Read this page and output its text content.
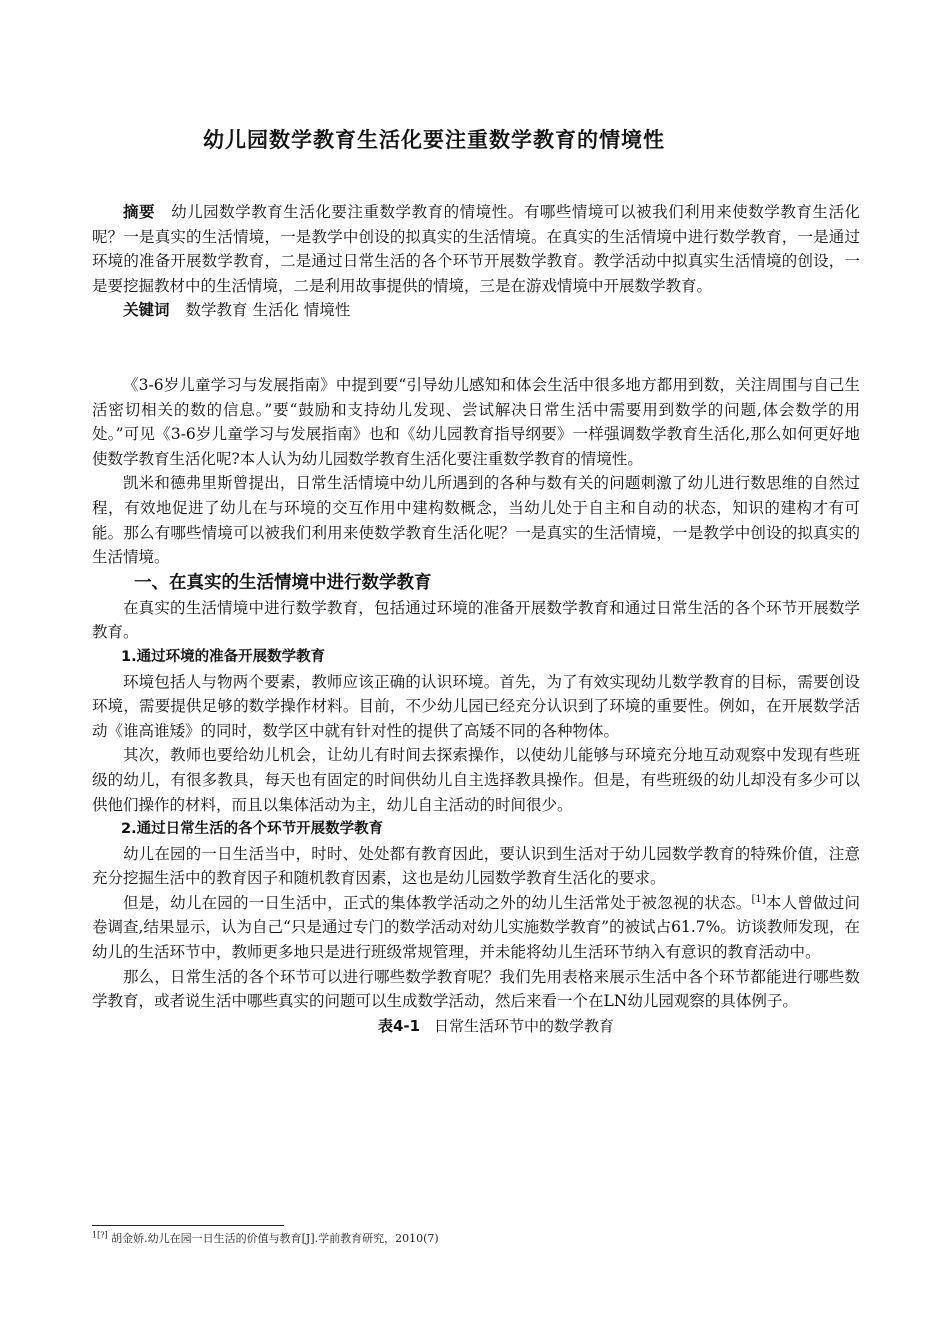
幼儿园数学教育生活化要注重数学教育的情境性

摘要 幼儿园数学教育生活化要注重数学教育的情境性。有哪些情境可以被我们利用来使数学教育生活化呢？一是真实的生活情境，一是教学中创设的拟真实的生活情境。在真实的生活情境中进行数学教育，一是通过环境的准备开展数学教育，二是通过日常生活的各个环节开展数学教育。教学活动中拟真实生活情境的创设，一是要挖掘教材中的生活情境，二是利用故事提供的情境，三是在游戏情境中开展数学教育。

关键词 数学教育 生活化 情境性

《3-6岁儿童学习与发展指南》中提到要“引导幼儿感知和体会生活中很多地方都用到数，关注周围与自己生活密切相关的数的信息。”要“鼓励和支持幼儿发现、尝试解决日常生活中需要用到数学的问题,体会数学的用处。”可见《3-6岁儿童学习与发展指南》也和《幼儿园教育指导纲要》一样强调数学教育生活化,那么如何更好地使数学教育生活化呢?本人认为幼儿园数学教育生活化要注重数学教育的情境性。

凯米和德弗里斯曾提出，日常生活情境中幼儿所遇到的各种与数有关的问题刺激了幼儿进行数思维的自然过程，有效地促进了幼儿在与环境的交互作用中建构数概念，当幼儿处于自主和自动的状态，知识的建构才有可能。那么有哪些情境可以被我们利用来使数学教育生活化呢？一是真实的生活情境，一是教学中创设的拟真实的生活情境。

一、在真实的生活情境中进行数学教育

在真实的生活情境中进行数学教育，包括通过环境的准备开展数学教育和通过日常生活的各个环节开展数学教育。

1.通过环境的准备开展数学教育

环境包括人与物两个要素，教师应该正确的认识环境。首先，为了有效实现幼儿数学教育的目标，需要创设环境，需要提供足够的数学操作材料。目前，不少幼儿园已经充分认识到了环境的重要性。例如，在开展数学活动《谁高谁矮》的同时，数学区中就有针对性的提供了高矮不同的各种物体。

其次，教师也要给幼儿机会，让幼儿有时间去探索操作，以使幼儿能够与环境充分地互动观察中发现有些班级的幼儿，有很多教具，每天也有固定的时间供幼儿自主选择教具操作。但是，有些班级的幼儿却没有多少可以供他们操作的材料，而且以集体活动为主，幼儿自主活动的时间很少。

2.通过日常生活的各个环节开展数学教育

幼儿在园的一日生活当中，时时、处处都有教育因此，要认识到生活对于幼儿园数学教育的特殊价值，注意充分挖掘生活中的教育因子和随机教育因素，这也是幼儿园数学教育生活化的要求。

但是，幼儿在园的一日生活中，正式的集体教学活动之外的幼儿生活常处于被忽视的状态。[1]本人曾做过问卷调查,结果显示，认为自己“只是通过专门的数学活动对幼儿实施数学教育”的被试占61.7%。访谈教师发现，在幼儿的生活环节中，教师更多地只是进行班级常规管理，并未能将幼儿生活环节纳入有意识的教育活动中。

那么，日常生活的各个环节可以进行哪些数学教育呢？我们先用表格来展示生活中各个环节都能进行哪些数学教育，或者说生活中哪些真实的问题可以生成数学活动，然后来看一个在LN幼儿园观察的具体例子。

表4-1 日常生活环节中的数学教育
$^{1[?]}$ 胡金娇.幼儿在园一日生活的价值与教育[J].学前教育研究，2010(7)
